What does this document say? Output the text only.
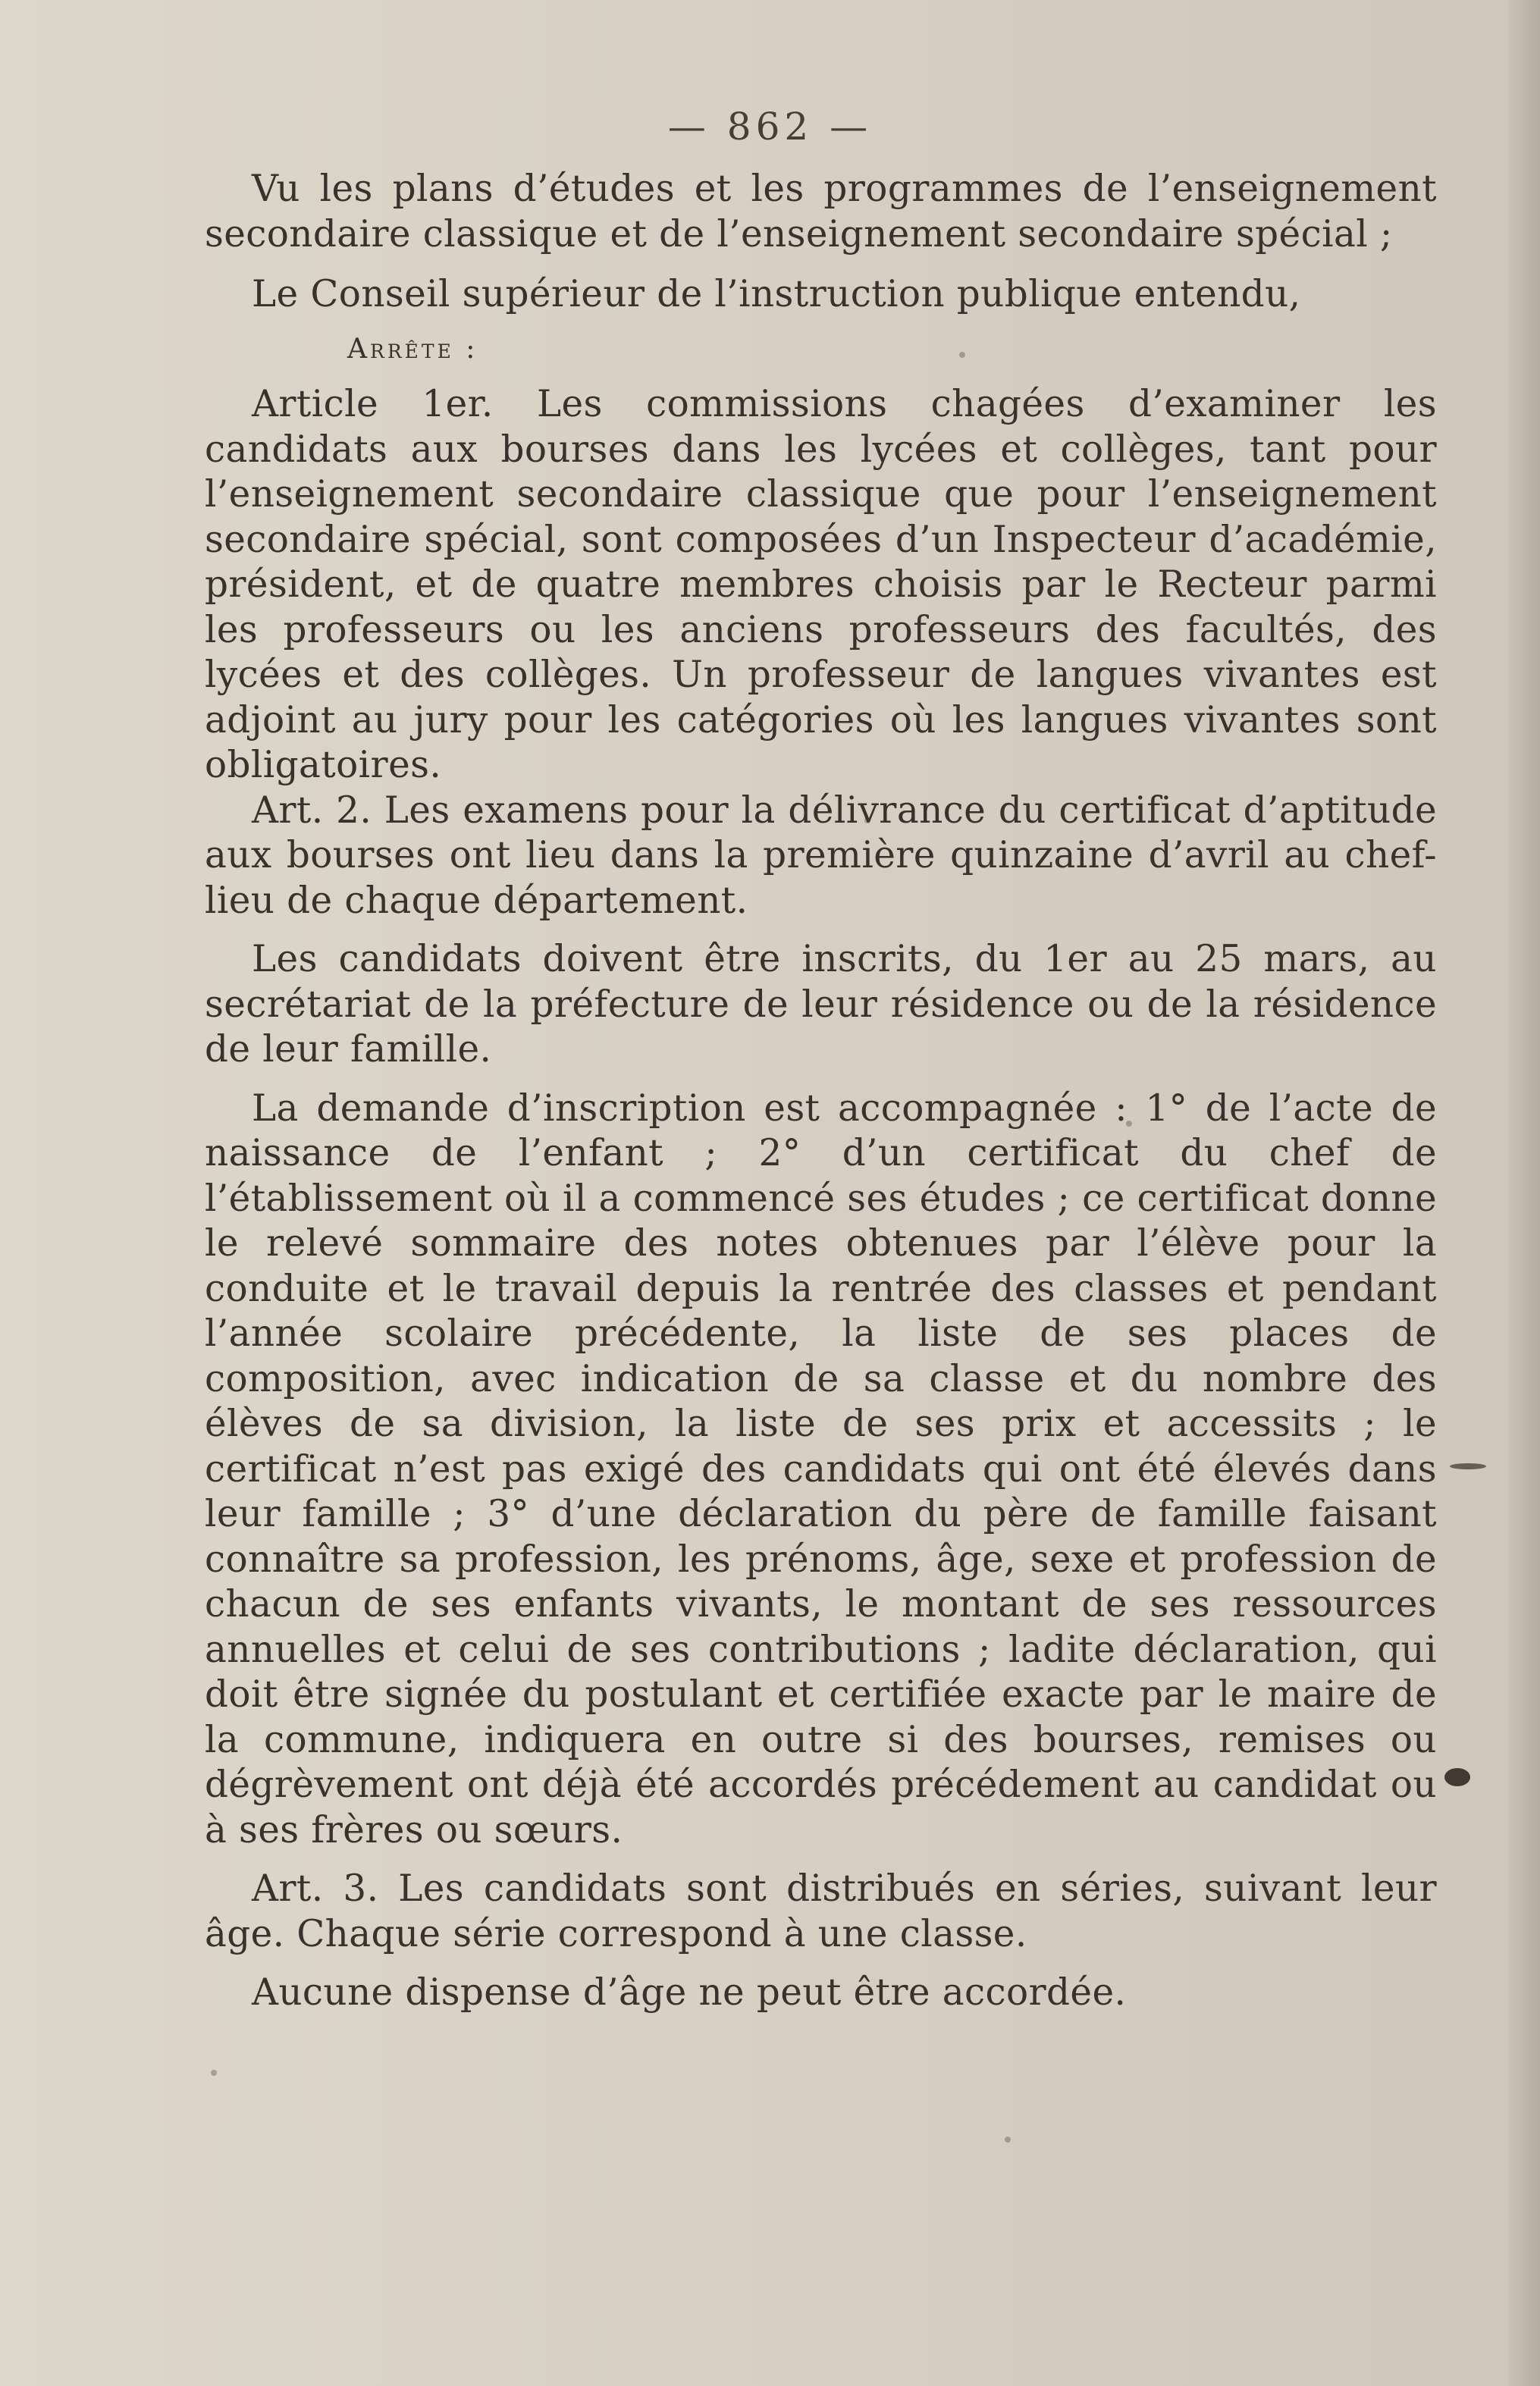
— 862 —

Vu les plans d’études et les programmes de l’enseignement secondaire classique et de l’enseignement secondaire spécial ;

Le Conseil supérieur de l’instruction publique entendu,

Arrête :

Article 1er. Les commissions chagées d’examiner les candidats aux bourses dans les lycées et collèges, tant pour l’enseignement secondaire classique que pour l’enseignement secondaire spécial, sont composées d’un Inspecteur d’académie, président, et de quatre membres choisis par le Recteur parmi les professeurs ou les anciens professeurs des facultés, des lycées et des collèges. Un professeur de langues vivantes est adjoint au jury pour les catégories où les langues vivantes sont obligatoires.

Art. 2. Les examens pour la délivrance du certificat d’aptitude aux bourses ont lieu dans la première quinzaine d’avril au chef-lieu de chaque département.

Les candidats doivent être inscrits, du 1er au 25 mars, au secrétariat de la préfecture de leur résidence ou de la résidence de leur famille.

La demande d’inscription est accompagnée : 1° de l’acte de naissance de l’enfant ; 2° d’un certificat du chef de l’établissement où il a commencé ses études ; ce certificat donne le relevé sommaire des notes obtenues par l’élève pour la conduite et le travail depuis la rentrée des classes et pendant l’année scolaire précédente, la liste de ses places de composition, avec indication de sa classe et du nombre des élèves de sa division, la liste de ses prix et accessits ; le certificat n’est pas exigé des candidats qui ont été élevés dans leur famille ; 3° d’une déclaration du père de famille faisant connaître sa profession, les prénoms, âge, sexe et profession de chacun de ses enfants vivants, le montant de ses ressources annuelles et celui de ses contributions ; ladite déclaration, qui doit être signée du postulant et certifiée exacte par le maire de la commune, indiquera en outre si des bourses, remises ou dégrèvement ont déjà été accordés précédement au candidat ou à ses frères ou sœurs.

Art. 3. Les candidats sont distribués en séries, suivant leur âge. Chaque série correspond à une classe.

Aucune dispense d’âge ne peut être accordée.
